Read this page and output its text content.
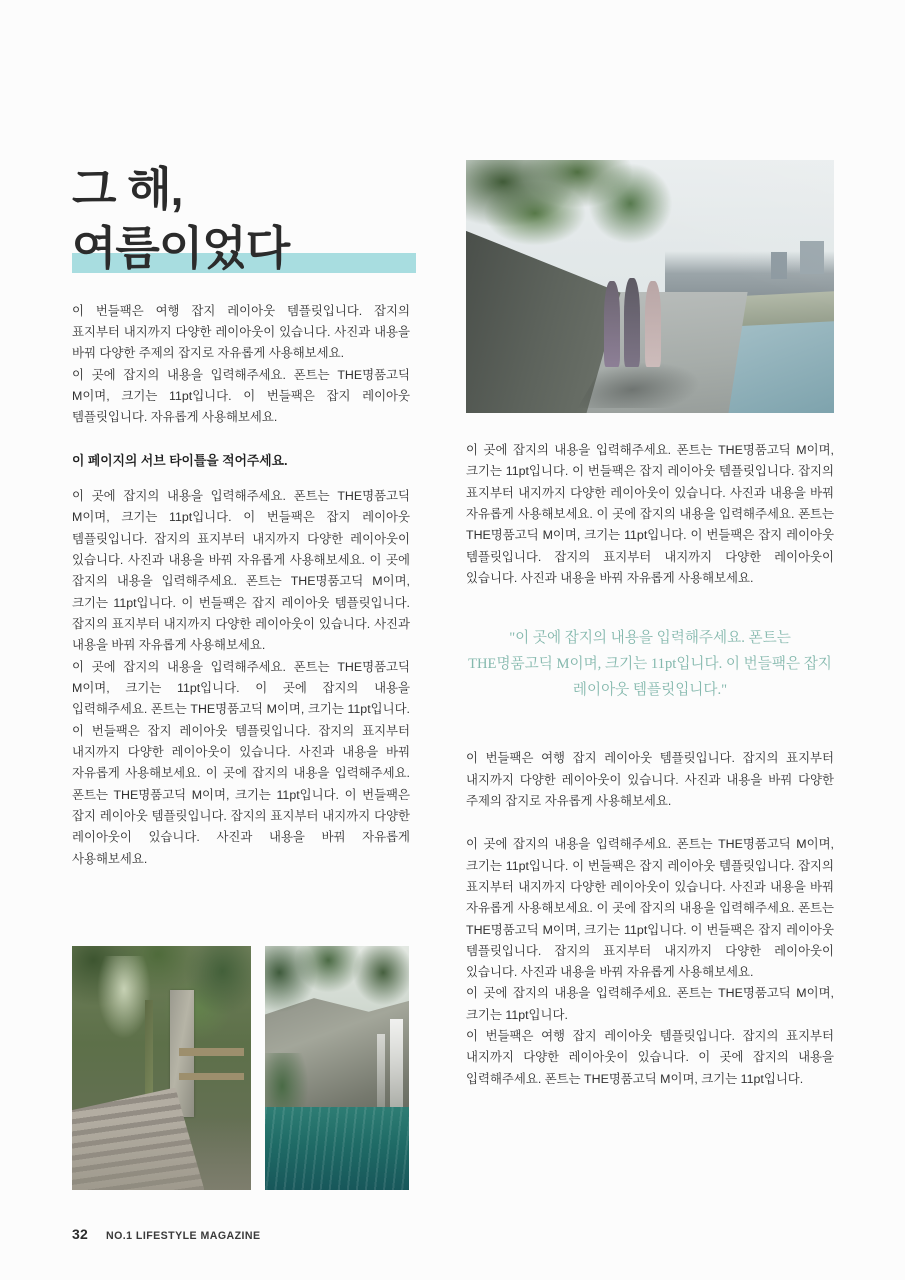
그 해,
여름이었다

이 번들팩은 여행 잡지 레이아웃 템플릿입니다. 잡지의 표지부터 내지까지 다양한 레이아웃이 있습니다. 사진과 내용을 바꿔 다양한 주제의 잡지로 자유롭게 사용해보세요.

이 곳에 잡지의 내용을 입력해주세요. 폰트는 THE명품고딕 M이며, 크기는 11pt입니다. 이 번들팩은 잡지 레이아웃 템플릿입니다. 자유롭게 사용해보세요.

이 페이지의 서브 타이틀을 적어주세요.

이 곳에 잡지의 내용을 입력해주세요. 폰트는 THE명품고딕 M이며, 크기는 11pt입니다. 이 번들팩은 잡지 레이아웃 템플릿입니다. 잡지의 표지부터 내지까지 다양한 레이아웃이 있습니다. 사진과 내용을 바꿔 자유롭게 사용해보세요. 이 곳에 잡지의 내용을 입력해주세요. 폰트는 THE명품고딕 M이며, 크기는 11pt입니다. 이 번들팩은 잡지 레이아웃 템플릿입니다. 잡지의 표지부터 내지까지 다양한 레이아웃이 있습니다. 사진과 내용을 바꿔 자유롭게 사용해보세요.

이 곳에 잡지의 내용을 입력해주세요. 폰트는 THE명품고딕 M이며, 크기는 11pt입니다. 이 곳에 잡지의 내용을 입력해주세요. 폰트는 THE명품고딕 M이며, 크기는 11pt입니다. 이 번들팩은 잡지 레이아웃 템플릿입니다. 잡지의 표지부터 내지까지 다양한 레이아웃이 있습니다. 사진과 내용을 바꿔 자유롭게 사용해보세요. 이 곳에 잡지의 내용을 입력해주세요. 폰트는 THE명품고딕 M이며, 크기는 11pt입니다. 이 번들팩은 잡지 레이아웃 템플릿입니다. 잡지의 표지부터 내지까지 다양한 레이아웃이 있습니다. 사진과 내용을 바꿔 자유롭게 사용해보세요.

이 곳에 잡지의 내용을 입력해주세요. 폰트는 THE명품고딕 M이며, 크기는 11pt입니다. 이 번들팩은 잡지 레이아웃 템플릿입니다. 잡지의 표지부터 내지까지 다양한 레이아웃이 있습니다. 사진과 내용을 바꿔 자유롭게 사용해보세요. 이 곳에 잡지의 내용을 입력해주세요. 폰트는 THE명품고딕 M이며, 크기는 11pt입니다. 이 번들팩은 잡지 레이아웃 템플릿입니다. 잡지의 표지부터 내지까지 다양한 레이아웃이 있습니다. 사진과 내용을 바꿔 자유롭게 사용해보세요.

"이 곳에 잡지의 내용을 입력해주세요. 폰트는 THE명품고딕 M이며, 크기는 11pt입니다. 이 번들팩은 잡지 레이아웃 템플릿입니다."

이 번들팩은 여행 잡지 레이아웃 템플릿입니다. 잡지의 표지부터 내지까지 다양한 레이아웃이 있습니다. 사진과 내용을 바꿔 다양한 주제의 잡지로 자유롭게 사용해보세요.

이 곳에 잡지의 내용을 입력해주세요. 폰트는 THE명품고딕 M이며, 크기는 11pt입니다. 이 번들팩은 잡지 레이아웃 템플릿입니다. 잡지의 표지부터 내지까지 다양한 레이아웃이 있습니다. 사진과 내용을 바꿔 자유롭게 사용해보세요. 이 곳에 잡지의 내용을 입력해주세요. 폰트는 THE명품고딕 M이며, 크기는 11pt입니다. 이 번들팩은 잡지 레이아웃 템플릿입니다. 잡지의 표지부터 내지까지 다양한 레이아웃이 있습니다. 사진과 내용을 바꿔 자유롭게 사용해보세요.

이 곳에 잡지의 내용을 입력해주세요. 폰트는 THE명품고딕 M이며, 크기는 11pt입니다.

이 번들팩은 여행 잡지 레이아웃 템플릿입니다. 잡지의 표지부터 내지까지 다양한 레이아웃이 있습니다. 이 곳에 잡지의 내용을 입력해주세요. 폰트는 THE명품고딕 M이며, 크기는 11pt입니다.

32 NO.1 LIFESTYLE MAGAZINE
